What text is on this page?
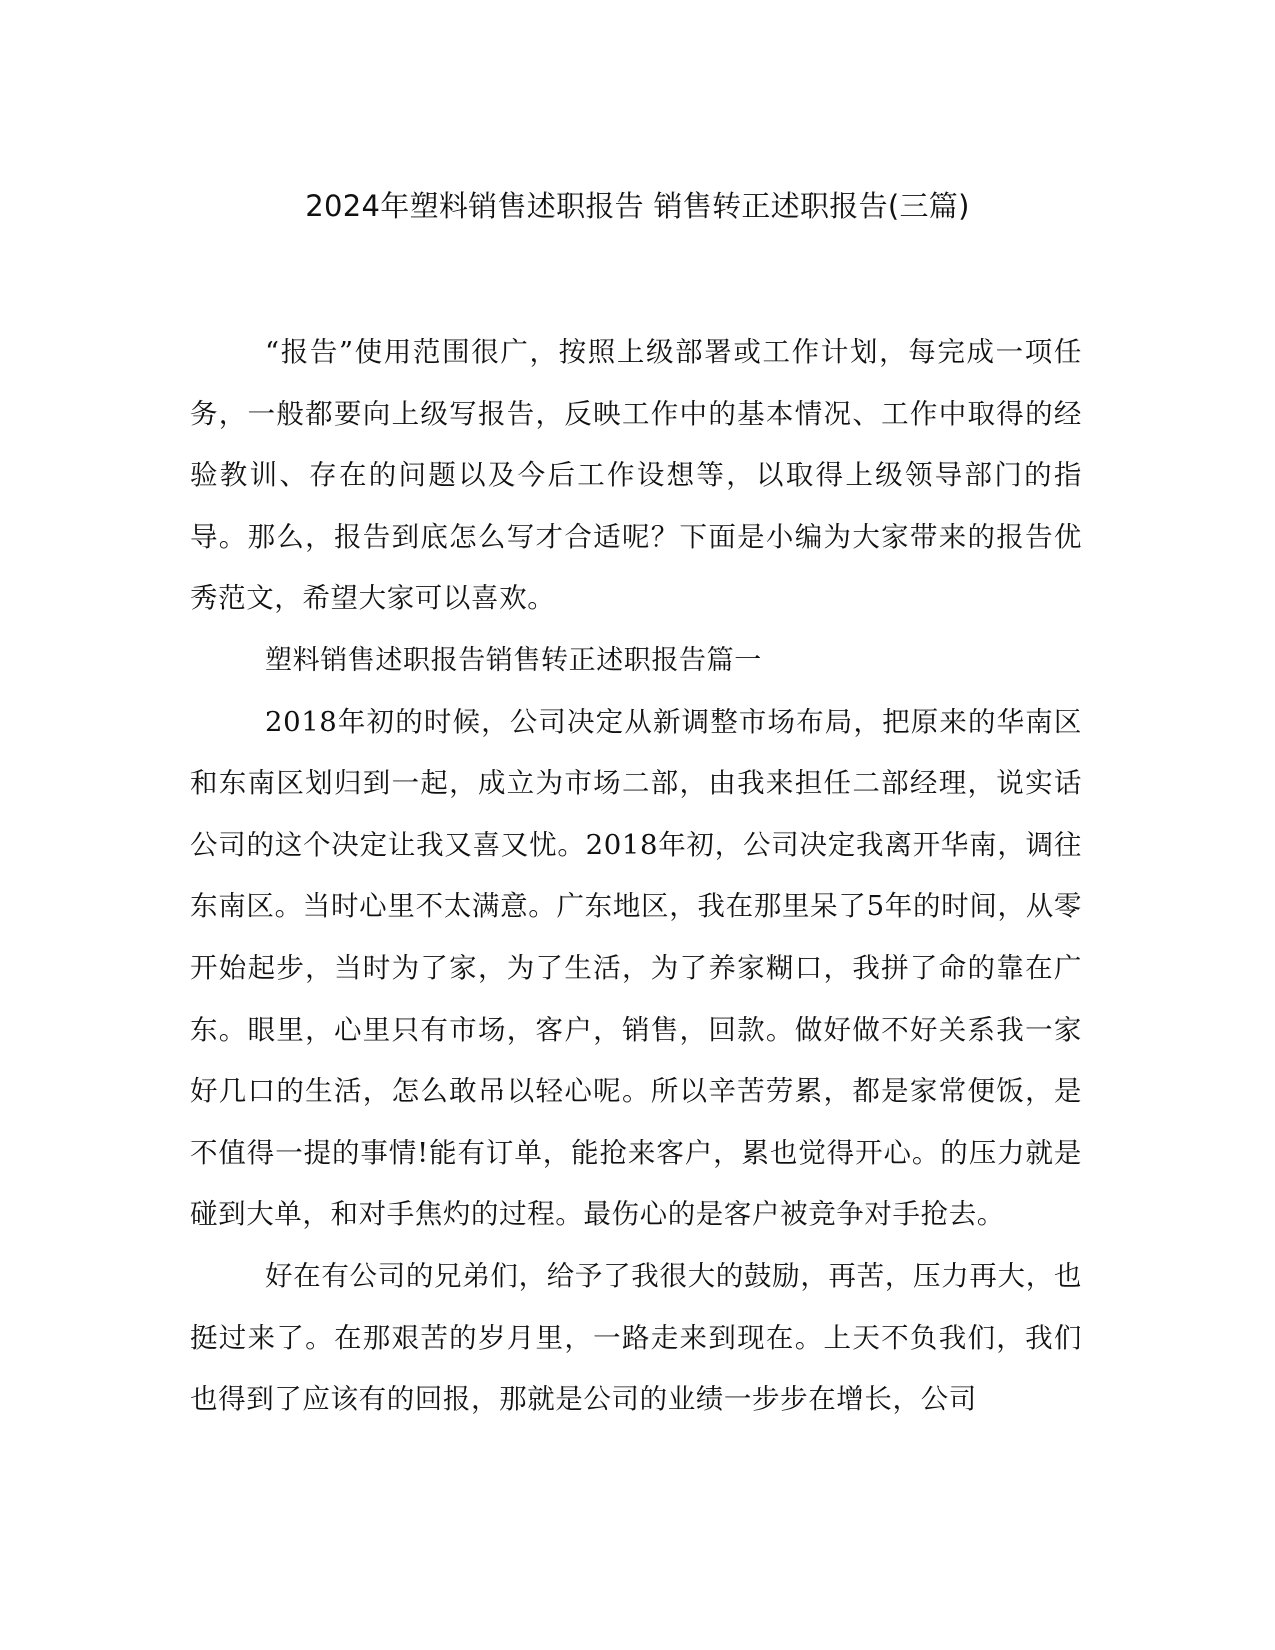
2024年塑料销售述职报告 销售转正述职报告(三篇)

“报告”使用范围很广，按照上级部署或工作计划，每完成一项任务，一般都要向上级写报告，反映工作中的基本情况、工作中取得的经验教训、存在的问题以及今后工作设想等，以取得上级领导部门的指导。那么，报告到底怎么写才合适呢？下面是小编为大家带来的报告优秀范文，希望大家可以喜欢。

塑料销售述职报告销售转正述职报告篇一

2018年初的时候，公司决定从新调整市场布局，把原来的华南区和东南区划归到一起，成立为市场二部，由我来担任二部经理，说实话公司的这个决定让我又喜又忧。2018年初，公司决定我离开华南，调往东南区。当时心里不太满意。广东地区，我在那里呆了5年的时间，从零开始起步，当时为了家，为了生活，为了养家糊口，我拼了命的靠在广东。眼里，心里只有市场，客户，销售，回款。做好做不好关系我一家好几口的生活，怎么敢吊以轻心呢。所以辛苦劳累，都是家常便饭，是不值得一提的事情!能有订单，能抢来客户，累也觉得开心。的压力就是碰到大单，和对手焦灼的过程。最伤心的是客户被竞争对手抢去。

好在有公司的兄弟们，给予了我很大的鼓励，再苦，压力再大，也挺过来了。在那艰苦的岁月里，一路走来到现在。上天不负我们，我们也得到了应该有的回报，那就是公司的业绩一步步在增长，公司
